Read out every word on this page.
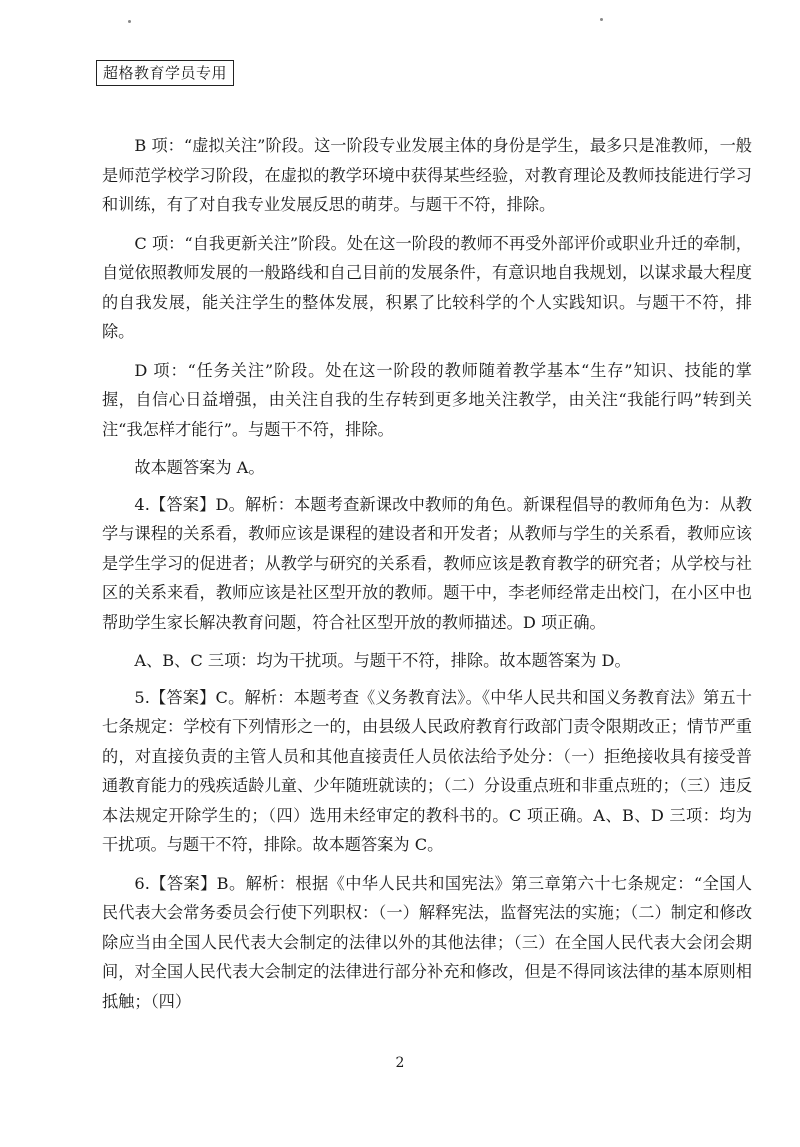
超格教育学员专用

B 项：“虚拟关注”阶段。这一阶段专业发展主体的身份是学生，最多只是准教师，一般是师范学校学习阶段，在虚拟的教学环境中获得某些经验，对教育理论及教师技能进行学习和训练，有了对自我专业发展反思的萌芽。与题干不符，排除。

C 项：“自我更新关注”阶段。处在这一阶段的教师不再受外部评价或职业升迁的牵制，自觉依照教师发展的一般路线和自己目前的发展条件，有意识地自我规划，以谋求最大程度的自我发展，能关注学生的整体发展，积累了比较科学的个人实践知识。与题干不符，排除。

D 项：“任务关注”阶段。处在这一阶段的教师随着教学基本“生存”知识、技能的掌握，自信心日益增强，由关注自我的生存转到更多地关注教学，由关注“我能行吗”转到关注“我怎样才能行”。与题干不符，排除。

故本题答案为 A。

4.【答案】D。解析：本题考查新课改中教师的角色。新课程倡导的教师角色为：从教学与课程的关系看，教师应该是课程的建设者和开发者；从教师与学生的关系看，教师应该是学生学习的促进者；从教学与研究的关系看，教师应该是教育教学的研究者；从学校与社区的关系来看，教师应该是社区型开放的教师。题干中，李老师经常走出校门，在小区中也帮助学生家长解决教育问题，符合社区型开放的教师描述。D 项正确。

A、B、C 三项：均为干扰项。与题干不符，排除。故本题答案为 D。

5.【答案】C。解析：本题考查《义务教育法》。《中华人民共和国义务教育法》第五十七条规定：学校有下列情形之一的，由县级人民政府教育行政部门责令限期改正；情节严重的，对直接负责的主管人员和其他直接责任人员依法给予处分：（一）拒绝接收具有接受普通教育能力的残疾适龄儿童、少年随班就读的；（二）分设重点班和非重点班的；（三）违反本法规定开除学生的；（四）选用未经审定的教科书的。C 项正确。A、B、D 三项：均为干扰项。与题干不符，排除。故本题答案为 C。

6.【答案】B。解析：根据《中华人民共和国宪法》第三章第六十七条规定：“全国人民代表大会常务委员会行使下列职权：（一）解释宪法，监督宪法的实施；（二）制定和修改除应当由全国人民代表大会制定的法律以外的其他法律；（三）在全国人民代表大会闭会期间，对全国人民代表大会制定的法律进行部分补充和修改，但是不得同该法律的基本原则相抵触；（四）

2
